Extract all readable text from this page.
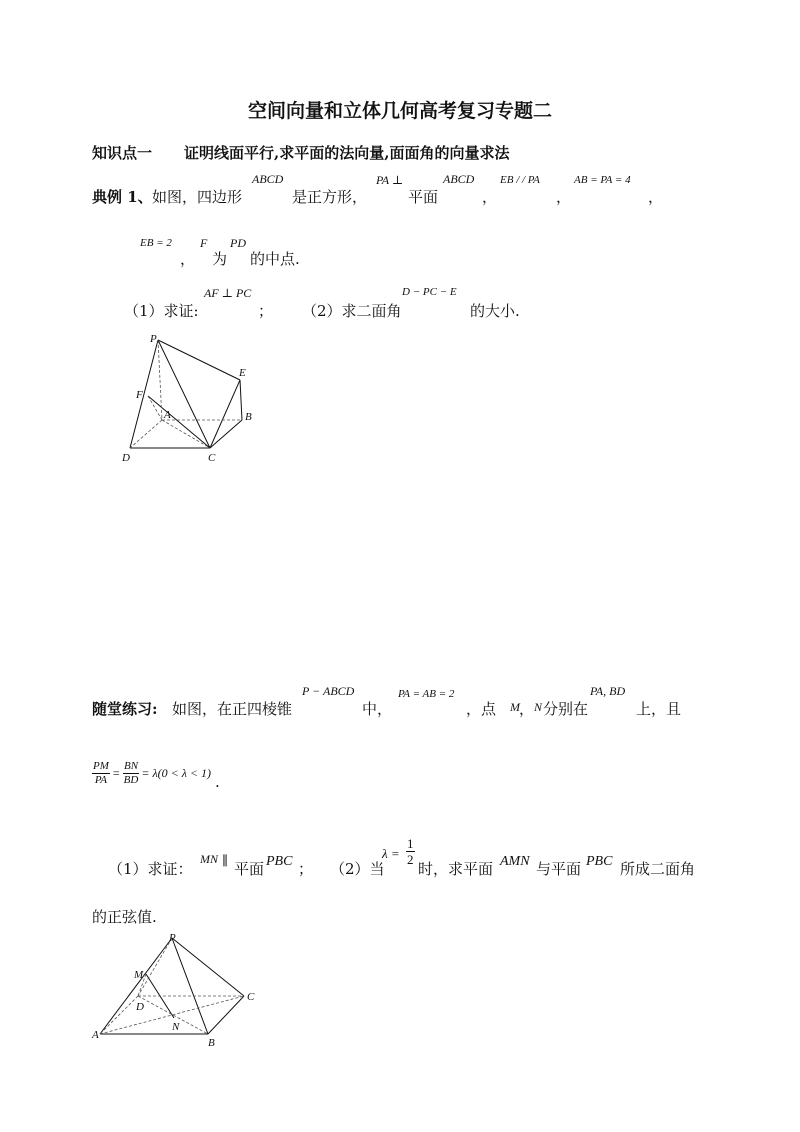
空间向量和立体几何高考复习专题二
知识点一 证明线面平行,求平面的法向量,面面角的向量求法
典例 1、 如图，四边形
ABCD
是正方形，
PA ⊥
平面
ABCD
，
EB / / PA
，
AB = PA = 4
，
EB = 2
，
F
为
PD
的中点.
（1）求证:
AF ⊥ PC
； （2）求二面角
D − PC − E
的大小.
P
E
F
A	B
D	C
随堂练习: 如图，在正四棱锥
P − ABCD
中，
PA = AB = 2
，点 M ， N 分别在
PA, BD
上，且
$\frac{PM}{PA} = \frac{BN}{BD} = \lambda(0 < \lambda < 1)$ .
（1）求证：
MN ∥ 平面 PBC ； （2）当
$\lambda = \frac{1}{2}$
时，求平面 AMN 与平面 PBC 所成二面角
的正弦值.
P
M
D
C
N
A
B
